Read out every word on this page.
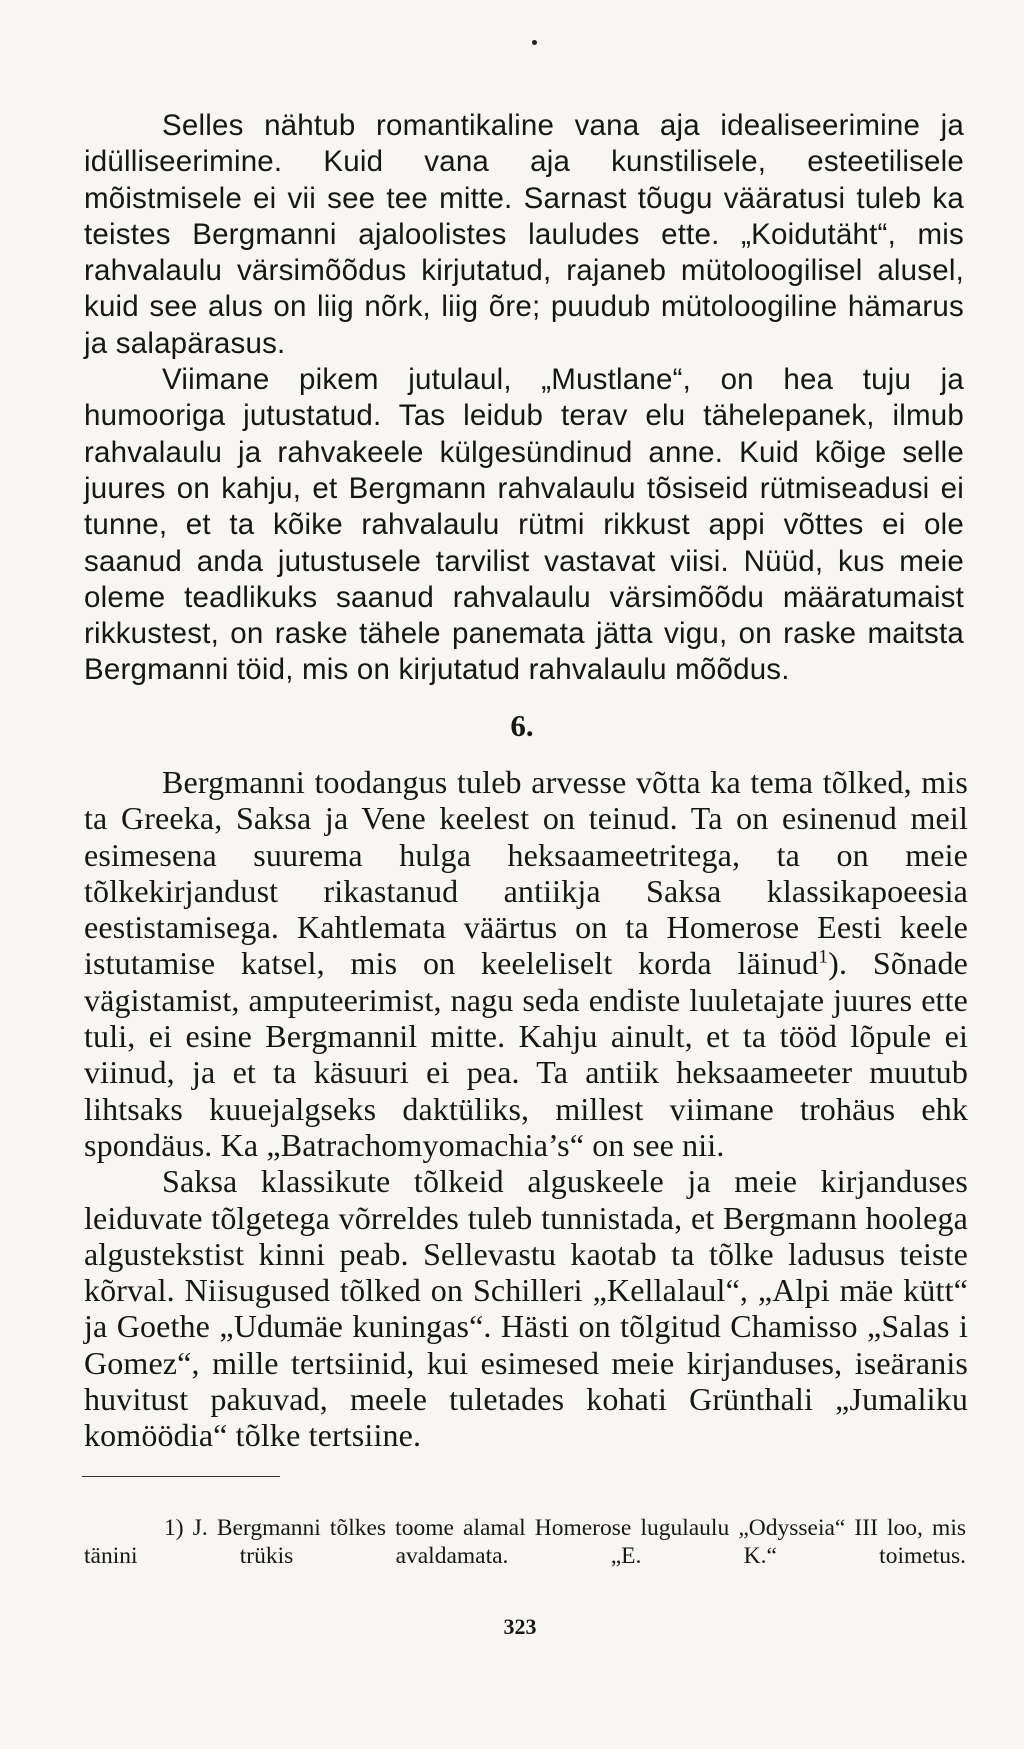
Selles nähtub romantikaline vana aja idealiseerimine ja idülliseerimine. Kuid vana aja kunstilisele, esteetilisele mõistmisele ei vii see tee mitte. Sarnast tõugu vääratusi tuleb ka teistes Bergmanni ajaloolistes lauludes ette. „Koidutäht“, mis rahvalaulu värsimõõdus kirjutatud, rajaneb mütoloogilisel alusel, kuid see alus on liig nõrk, liig õre; puudub mütoloogiline hämarus ja salapärasus.

Viimane pikem jutulaul, „Mustlane“, on hea tuju ja humooriga jutustatud. Tas leidub terav elu tähelepanek, ilmub rahvalaulu ja rahvakeele külgesündinud anne. Kuid kõige selle juures on kahju, et Bergmann rahvalaulu tõsiseid rütmiseadusi ei tunne, et ta kõike rahvalaulu rütmi rikkust appi võttes ei ole saanud anda jutustusele tarvilist vastavat viisi. Nüüd, kus meie oleme teadlikuks saanud rahvalaulu värsimõõdu määratumaist rikkustest, on raske tähele panemata jätta vigu, on raske maitsta Bergmanni töid, mis on kirjutatud rahvalaulu mõõdus.

6.

Bergmanni toodangus tuleb arvesse võtta ka tema tõlked, mis ta Greeka, Saksa ja Vene keelest on teinud. Ta on esinenud meil esimesena suurema hulga heksaameetritega, ta on meie tõlkekirjandust rikastanud antiikja Saksa klassikapoeesia eestistamisega. Kahtlemata väärtus on ta Homerose Eesti keele istutamise katsel, mis on keeleliselt korda läinud$^1$). Sõnade vägistamist, amputeerimist, nagu seda endiste luuletajate juures ette tuli, ei esine Bergmannil mitte. Kahju ainult, et ta tööd lõpule ei viinud, ja et ta käsuuri ei pea. Ta antiik heksaameeter muutub lihtsaks kuuejalgseks daktüliks, millest viimane trohäus ehk spondäus. Ka „Batrachomyomachia’s“ on see nii.

Saksa klassikute tõlkeid alguskeele ja meie kirjanduses leiduvate tõlgetega võrreldes tuleb tunnistada, et Bergmann hoolega algustekstist kinni peab. Sellevastu kaotab ta tõlke ladusus teiste kõrval. Niisugused tõlked on Schilleri „Kellalaul“, „Alpi mäe kütt“ ja Goethe „Udumäe kuningas“. Hästi on tõlgitud Chamisso „Salas i Gomez“, mille tertsiinid, kui esimesed meie kirjanduses, iseäranis huvitust pakuvad, meele tuletades kohati Grünthali „Jumaliku komöödia“ tõlke tertsiine.

1) J. Bergmanni tõlkes toome alamal Homerose lugulaulu „Odysseia“ III loo, mis tänini trükis avaldamata.	„E. K.“ toimetus.

323
